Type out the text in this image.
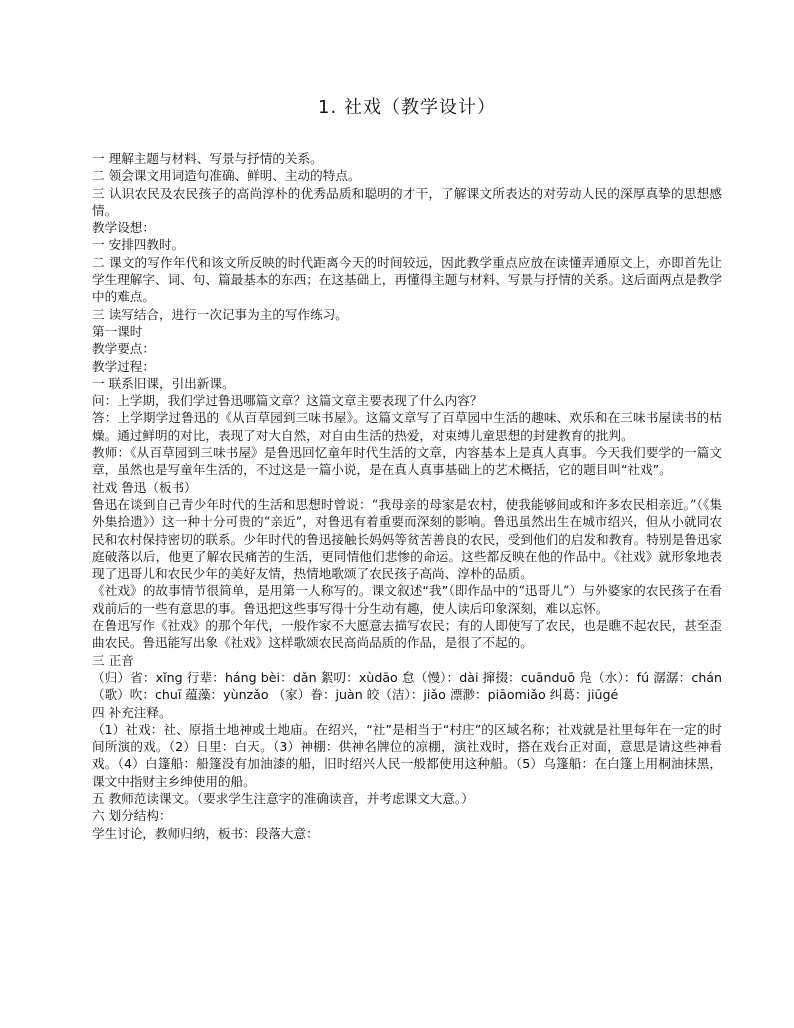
1. 社戏（教学设计）

一 理解主题与材料、写景与抒情的关系。

二 领会课文用词造句准确、鲜明、主动的特点。

三 认识农民及农民孩子的高尚淳朴的优秀品质和聪明的才干，了解课文所表达的对劳动人民的深厚真挚的思想感情。

教学设想：

一 安排四教时。

二 课文的写作年代和该文所反映的时代距离今天的时间较远，因此教学重点应放在读懂弄通原文上，亦即首先让学生理解字、词、句、篇最基本的东西；在这基础上，再懂得主题与材料、写景与抒情的关系。这后面两点是教学中的难点。

三 读写结合，进行一次记事为主的写作练习。

第一课时

教学要点：

教学过程：

一 联系旧课，引出新课。

问：上学期，我们学过鲁迅哪篇文章？这篇文章主要表现了什么内容？

答：上学期学过鲁迅的《从百草园到三味书屋》。这篇文章写了百草园中生活的趣味、欢乐和在三味书屋读书的枯燥。通过鲜明的对比，表现了对大自然，对自由生活的热爱，对束缚儿童思想的封建教育的批判。

教师：《从百草园到三味书屋》是鲁迅回忆童年时代生活的文章，内容基本上是真人真事。今天我们要学的一篇文章，虽然也是写童年生活的，不过这是一篇小说，是在真人真事基础上的艺术概括，它的题目叫“社戏”。

社戏 鲁迅（板书）

鲁迅在谈到自己青少年时代的生活和思想时曾说：“我母亲的母家是农村，使我能够间或和许多农民相亲近。”（《集外集拾遗》）这一种十分可贵的“亲近”，对鲁迅有着重要而深刻的影响。鲁迅虽然出生在城市绍兴，但从小就同农民和农村保持密切的联系。少年时代的鲁迅接触长妈妈等贫苦善良的农民，受到他们的启发和教育。特别是鲁迅家庭破落以后，他更了解农民痛苦的生活，更同情他们悲惨的命运。这些都反映在他的作品中。《社戏》就形象地表现了迅哥儿和农民少年的美好友情，热情地歌颂了农民孩子高尚、淳朴的品质。

《社戏》的故事情节很简单，是用第一人称写的。课文叙述“我”（即作品中的“迅哥儿”）与外婆家的农民孩子在看戏前后的一些有意思的事。鲁迅把这些事写得十分生动有趣，使人读后印象深刻，难以忘怀。

在鲁迅写作《社戏》的那个年代，一般作家不大愿意去描写农民；有的人即使写了农民，也是瞧不起农民，甚至歪曲农民。鲁迅能写出象《社戏》这样歌颂农民高尚品质的作品，是很了不起的。

三 正音

（归）省：xǐng 行辈：háng bèi：dǎn 絮叨：xùdāo 怠（慢）：dài 撺掇：cuānduō 凫（水）：fú 潺潺：chán （歌）吹：chuī 蕴藻：yùnzǎo （家）眷：juàn 皎（洁）：jiǎo 漂渺：piāomiǎo 纠葛：jiūgé

四 补充注释。

（1）社戏：社、原指土地神或土地庙。在绍兴，“社”是相当于“村庄”的区域名称；社戏就是社里每年在一定的时间所演的戏。（2）日里：白天。（3）神棚：供神名牌位的凉棚，演社戏时，搭在戏台正对面，意思是请这些神看戏。（4）白篷船：船篷没有加油漆的船，旧时绍兴人民一般都使用这种船。（5）乌篷船：在白篷上用桐油抹黑，课文中指财主乡绅使用的船。

五 教师范读课文。（要求学生注意字的准确读音，并考虑课文大意。）

六 划分结构：

学生讨论，教师归纳，板书：段落大意：
